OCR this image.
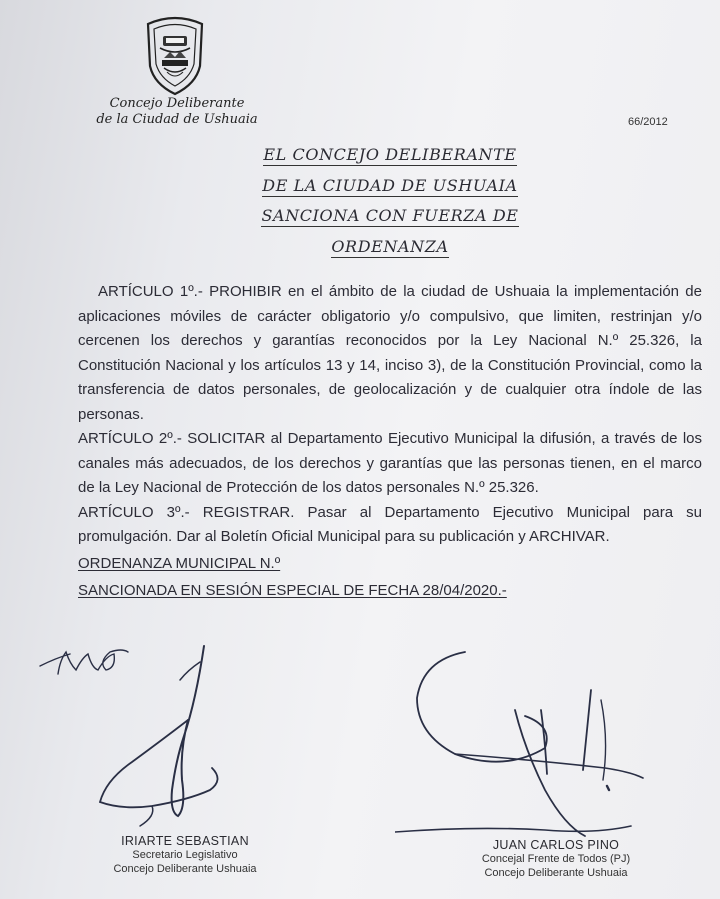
Concejo Deliberante
de la Ciudad de Ushuaia	66/2012
EL CONCEJO DELIBERANTE
DE LA CIUDAD DE USHUAIA
SANCIONA CON FUERZA DE
ORDENANZA

ARTÍCULO 1º.- PROHIBIR en el ámbito de la ciudad de Ushuaia la implementación de aplicaciones móviles de carácter obligatorio y/o compulsivo, que limiten, restrinjan y/o cercenen los derechos y garantías reconocidos por la Ley Nacional N.º 25.326, la Constitución Nacional y los artículos 13 y 14, inciso 3), de la Constitución Provincial, como la transferencia de datos personales, de geolocalización y de cualquier otra índole de las personas.

ARTÍCULO 2º.- SOLICITAR al Departamento Ejecutivo Municipal la difusión, a través de los canales más adecuados, de los derechos y garantías que las personas tienen, en el marco de la Ley Nacional de Protección de los datos personales N.º 25.326.

ARTÍCULO 3º.- REGISTRAR. Pasar al Departamento Ejecutivo Municipal para su promulgación. Dar al Boletín Oficial Municipal para su publicación y ARCHIVAR.

ORDENANZA MUNICIPAL N.º

SANCIONADA EN SESIÓN ESPECIAL DE FECHA 28/04/2020.-

IRIARTE SEBASTIAN
Secretario Legislativo
Concejo Deliberante Ushuaia
JUAN CARLOS PINO
Concejal Frente de Todos (PJ)
Concejo Deliberante Ushuaia
